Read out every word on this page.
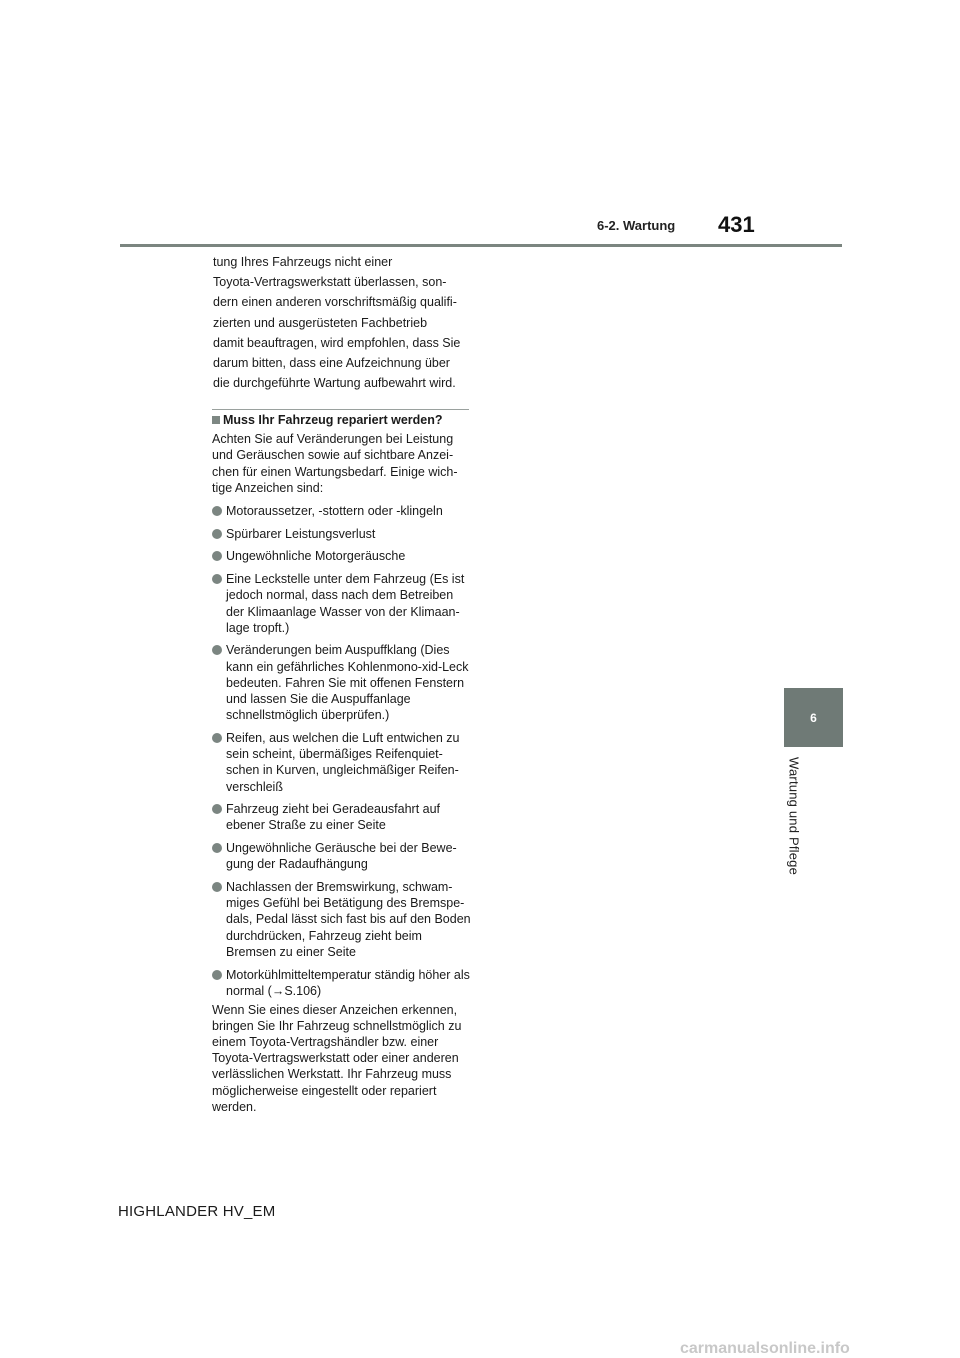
6-2. Wartung 431
6
Wartung und Pflege

tung Ihres Fahrzeugs nicht einer

Toyota-Vertragswerkstatt überlassen, son-

dern einen anderen vorschriftsmäßig qualifi-

zierten und ausgerüsteten Fachbetrieb

damit beauftragen, wird empfohlen, dass Sie

darum bitten, dass eine Aufzeichnung über

die durchgeführte Wartung aufbewahrt wird.

Muss Ihr Fahrzeug repariert werden?

Achten Sie auf Veränderungen bei Leistung und Geräuschen sowie auf sichtbare Anzei-chen für einen Wartungsbedarf. Einige wich-tige Anzeichen sind:

Motoraussetzer, -stottern oder -klingeln
Spürbarer Leistungsverlust
Ungewöhnliche Motorgeräusche
Eine Leckstelle unter dem Fahrzeug (Es ist jedoch normal, dass nach dem Betreiben der Klimaanlage Wasser von der Klimaan-lage tropft.)
Veränderungen beim Auspuffklang (Dies kann ein gefährliches Kohlenmono-xid-Leck bedeuten. Fahren Sie mit offenen Fenstern und lassen Sie die Auspuffanlage schnellstmöglich überprüfen.)
Reifen, aus welchen die Luft entwichen zu sein scheint, übermäßiges Reifenquiet-schen in Kurven, ungleichmäßiger Reifen-verschleiß
Fahrzeug zieht bei Geradeausfahrt auf ebener Straße zu einer Seite
Ungewöhnliche Geräusche bei der Bewe-gung der Radaufhängung
Nachlassen der Bremswirkung, schwam-miges Gefühl bei Betätigung des Bremspe-dals, Pedal lässt sich fast bis auf den Boden durchdrücken, Fahrzeug zieht beim Bremsen zu einer Seite
Motorkühlmitteltemperatur ständig höher als normal (→S.106)

Wenn Sie eines dieser Anzeichen erkennen, bringen Sie Ihr Fahrzeug schnellstmöglich zu einem Toyota-Vertragshändler bzw. einer Toyota-Vertragswerkstatt oder einer anderen verlässlichen Werkstatt. Ihr Fahrzeug muss möglicherweise eingestellt oder repariert werden.

HIGHLANDER HV_EM
carmanualsonline.info
